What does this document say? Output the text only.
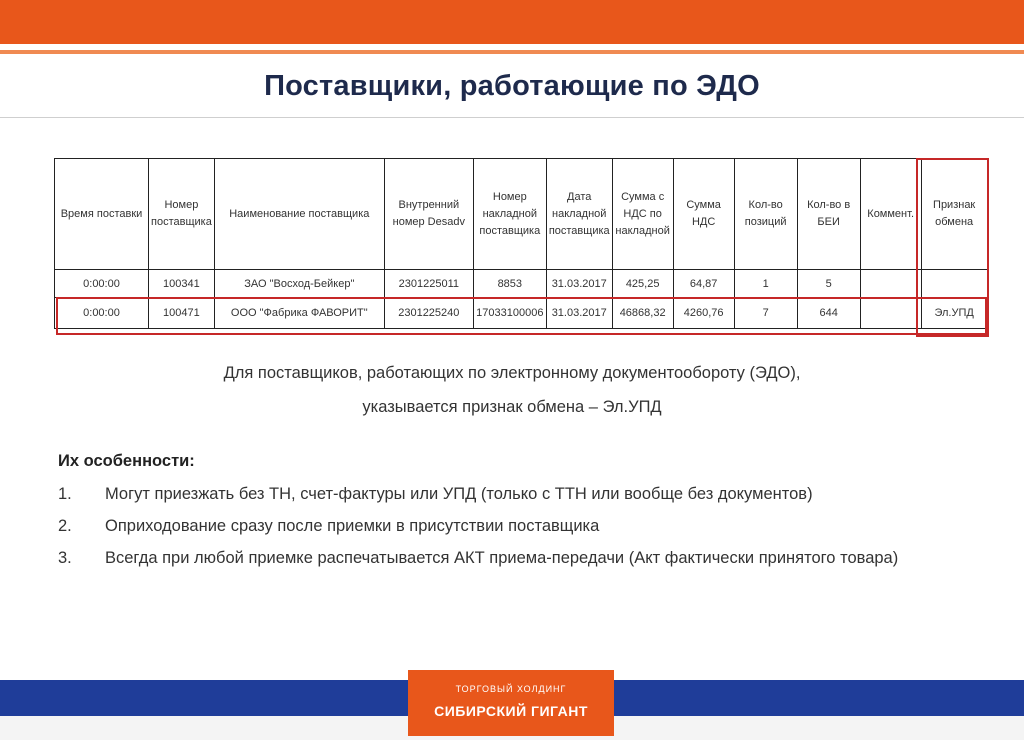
Поставщики, работающие по ЭДО
Время поставки	Номер поставщика	Наименование поставщика	Внутренний номер Desadv	Номер накладной поставщика	Дата накладной поставщика	Сумма с НДС по накладной	Сумма НДС	Кол-во позиций	Кол-во в БЕИ	Коммент.	Признак обмена
0:00:00	100341	ЗАО "Восход-Бейкер"	2301225011	8853	31.03.2017	425,25	64,87	1	5		
0:00:00	100471	ООО "Фабрика ФАВОРИТ"	2301225240	17033100006	31.03.2017	46868,32	4260,76	7	644		Эл.УПД
Для поставщиков, работающих по электронному документообороту (ЭДО),
указывается признак обмена – Эл.УПД
Их особенности:
1.	Могут приезжать без ТН, счет-фактуры или УПД (только с ТТН или вообще без документов)
2.	Оприходование сразу после приемки в присутствии поставщика
3.	Всегда при любой приемке распечатывается АКТ приема-передачи (Акт фактически принятого товара)
ТОРГОВЫЙ ХОЛДИНГ
СИБИРСКИЙ ГИГАНТ
